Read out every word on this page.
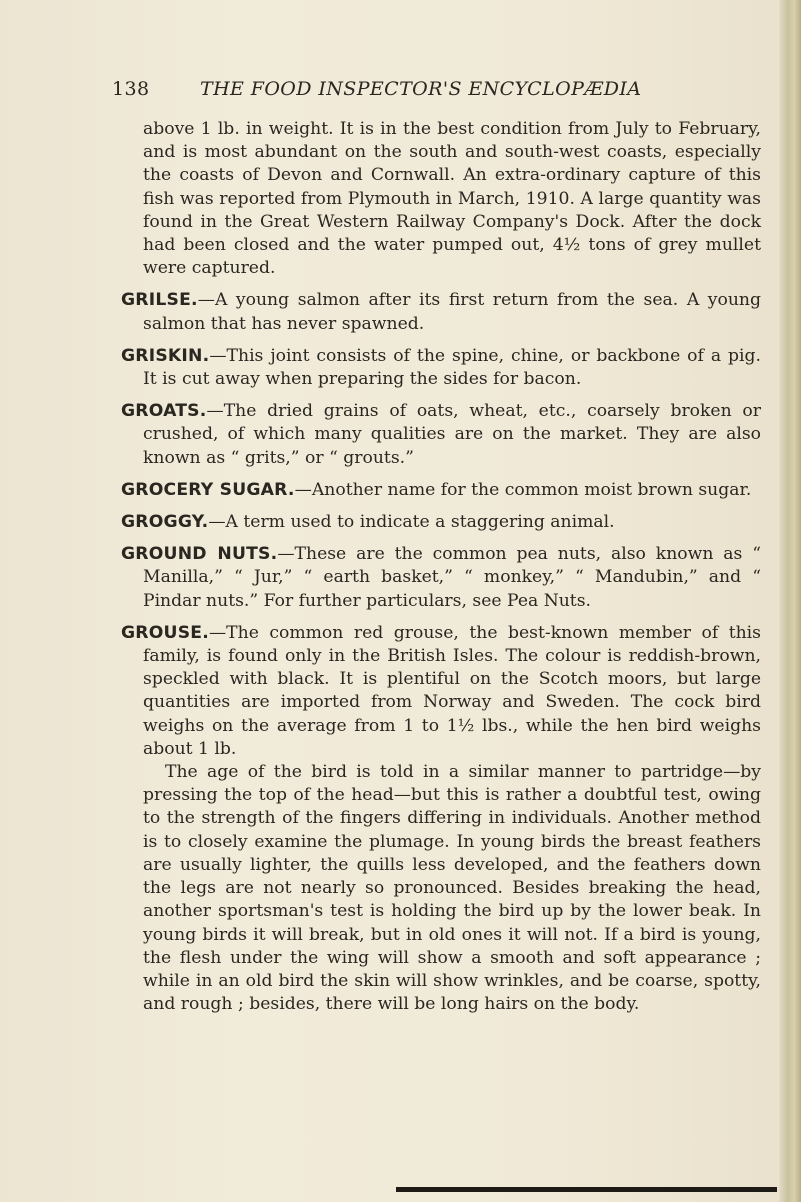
138	THE FOOD INSPECTOR'S ENCYCLOPÆDIA

above 1 lb. in weight. It is in the best condition from July to February, and is most abundant on the south and south-west coasts, especially the coasts of Devon and Cornwall. An extra-ordinary capture of this fish was reported from Plymouth in March, 1910. A large quantity was found in the Great Western Railway Company's Dock. After the dock had been closed and the water pumped out, 4½ tons of grey mullet were captured.

GRILSE.—A young salmon after its first return from the sea. A young salmon that has never spawned.

GRISKIN.—This joint consists of the spine, chine, or backbone of a pig. It is cut away when preparing the sides for bacon.

GROATS.—The dried grains of oats, wheat, etc., coarsely broken or crushed, of which many qualities are on the market. They are also known as “ grits,” or “ grouts.”

GROCERY SUGAR.—Another name for the common moist brown sugar.

GROGGY.—A term used to indicate a staggering animal.

GROUND NUTS.—These are the common pea nuts, also known as “ Manilla,” “ Jur,” “ earth basket,” “ monkey,” “ Mandubin,” and “ Pindar nuts.” For further particulars, see Pea Nuts.

GROUSE.—The common red grouse, the best-known member of this family, is found only in the British Isles. The colour is reddish-brown, speckled with black. It is plentiful on the Scotch moors, but large quantities are imported from Norway and Sweden. The cock bird weighs on the average from 1 to 1½ lbs., while the hen bird weighs about 1 lb.

The age of the bird is told in a similar manner to partridge—by pressing the top of the head—but this is rather a doubtful test, owing to the strength of the fingers differing in individuals. Another method is to closely examine the plumage. In young birds the breast feathers are usually lighter, the quills less developed, and the feathers down the legs are not nearly so pronounced. Besides breaking the head, another sportsman's test is holding the bird up by the lower beak. In young birds it will break, but in old ones it will not. If a bird is young, the flesh under the wing will show a smooth and soft appearance ; while in an old bird the skin will show wrinkles, and be coarse, spotty, and rough ; besides, there will be long hairs on the body.
